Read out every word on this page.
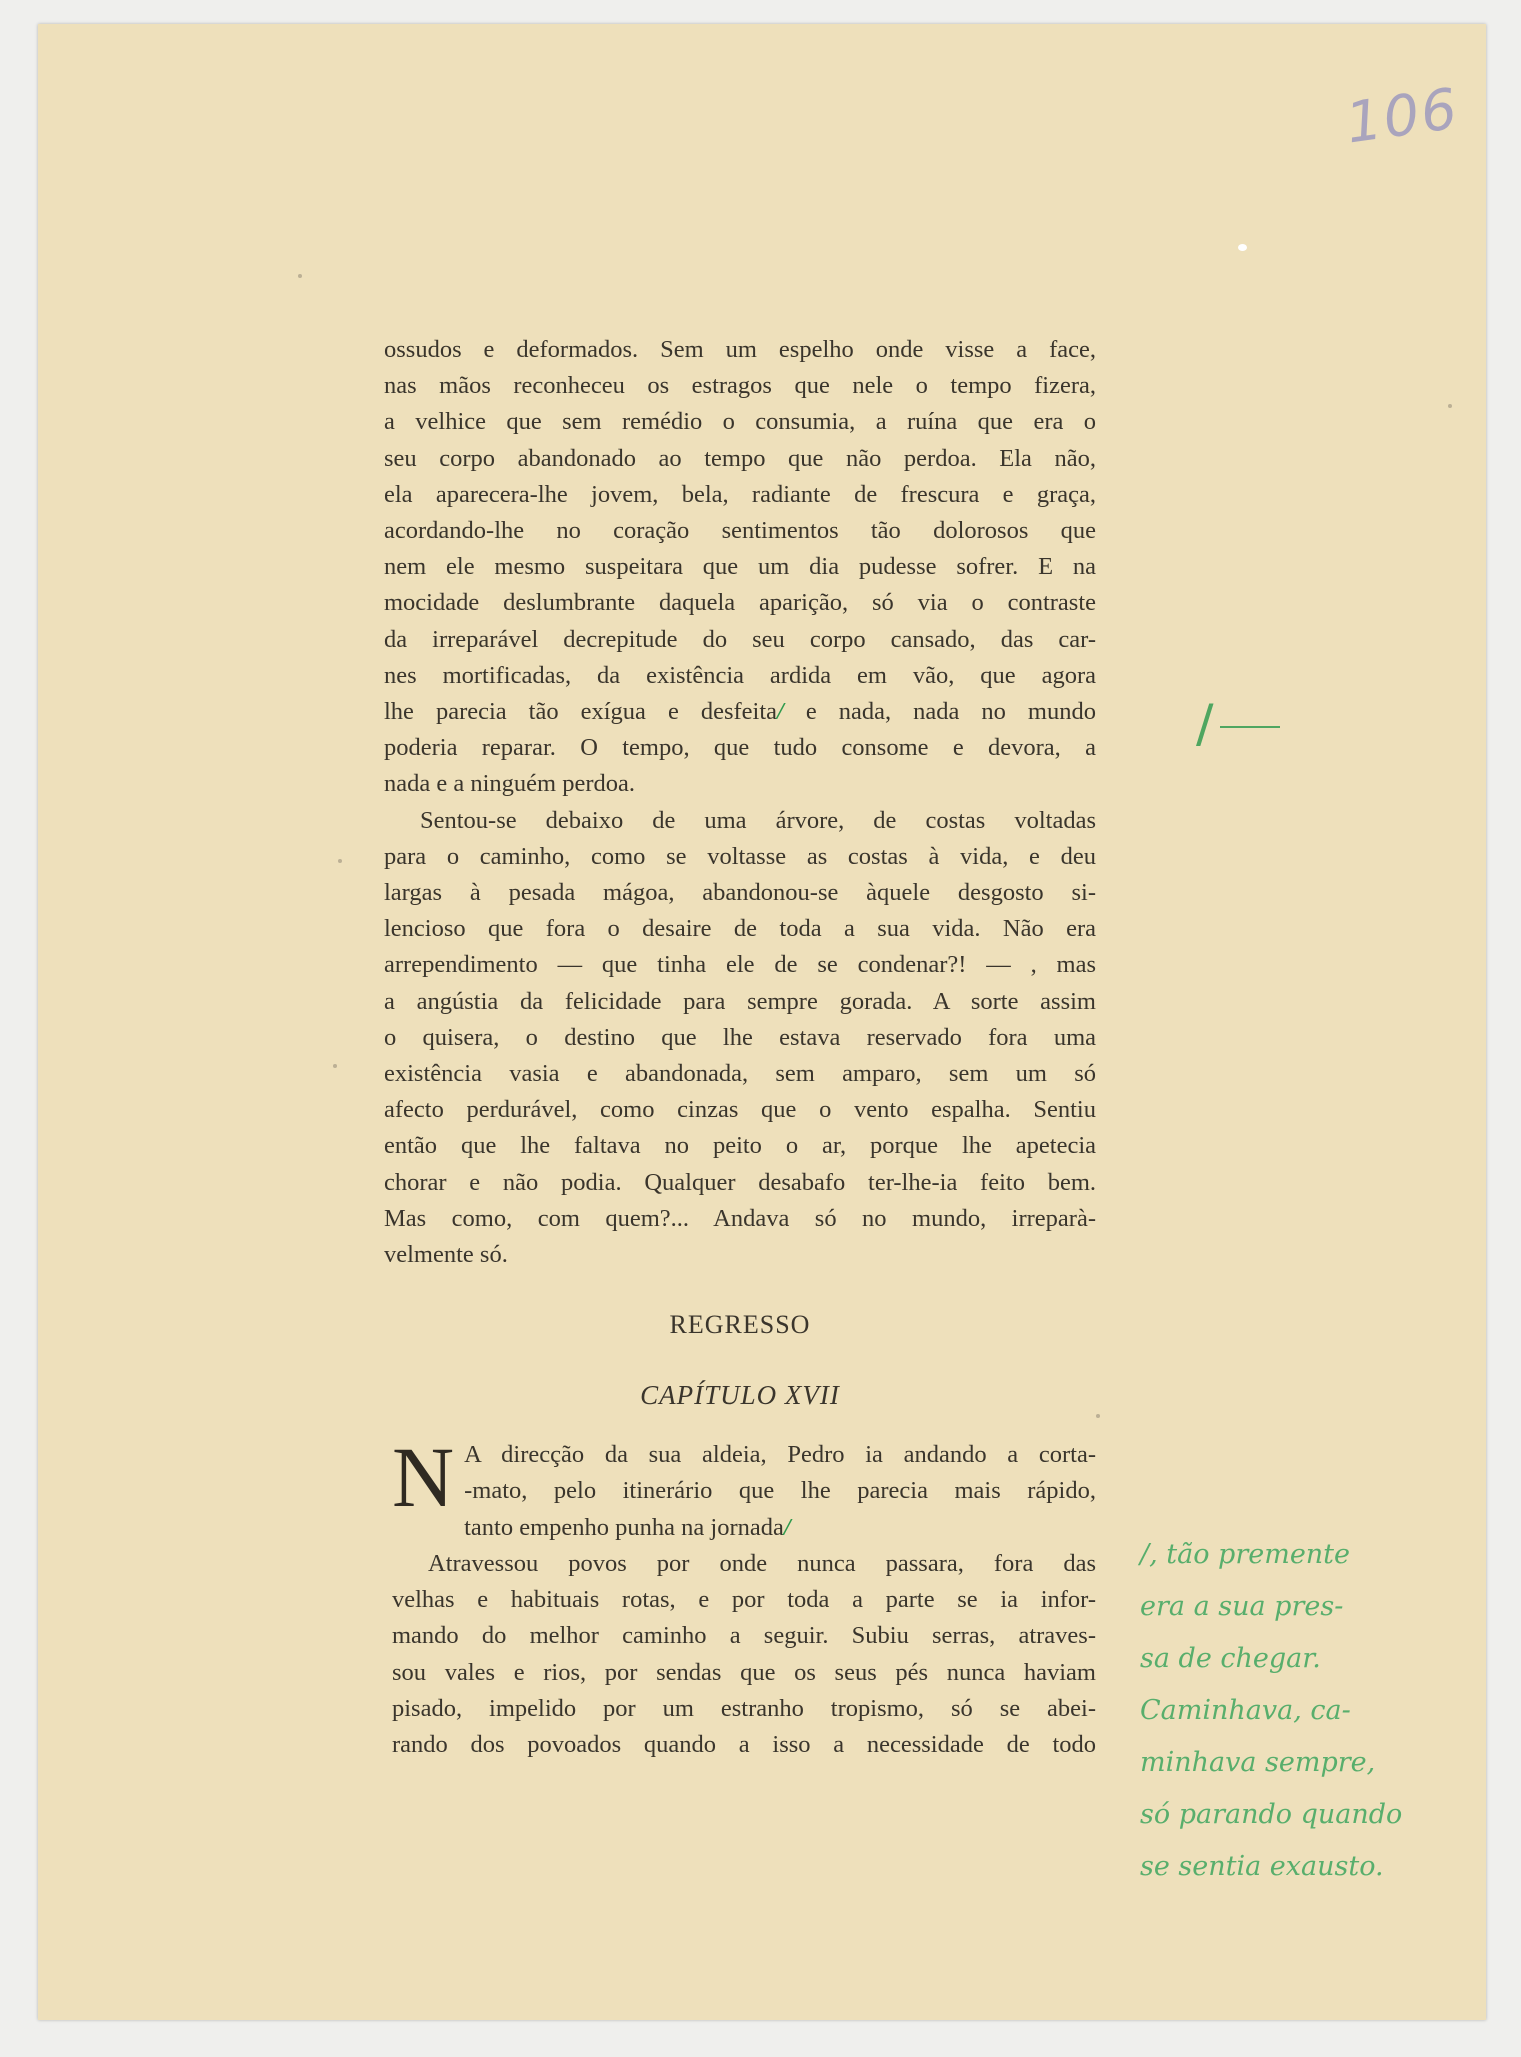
106

ossudos e deformados. Sem um espelho onde visse a face,
nas mãos reconheceu os estragos que nele o tempo fizera,
a velhice que sem remédio o consumia, a ruína que era o
seu corpo abandonado ao tempo que não perdoa. Ela não,
ela aparecera-lhe jovem, bela, radiante de frescura e graça,
acordando-lhe no coração sentimentos tão dolorosos que
nem ele mesmo suspeitara que um dia pudesse sofrer. E na
mocidade deslumbrante daquela aparição, só via o contraste
da irreparável decrepitude do seu corpo cansado, das car-
nes mortificadas, da existência ardida em vão, que agora
lhe parecia tão exígua e desfeita/ e nada, nada no mundo
poderia reparar. O tempo, que tudo consome e devora, a
nada e a ninguém perdoa.

Sentou-se debaixo de uma árvore, de costas voltadas
para o caminho, como se voltasse as costas à vida, e deu
largas à pesada mágoa, abandonou-se àquele desgosto si-
lencioso que fora o desaire de toda a sua vida. Não era
arrependimento — que tinha ele de se condenar?! — , mas
a angústia da felicidade para sempre gorada. A sorte assim
o quisera, o destino que lhe estava reservado fora uma
existência vasia e abandonada, sem amparo, sem um só
afecto perdurável, como cinzas que o vento espalha. Sentiu
então que lhe faltava no peito o ar, porque lhe apetecia
chorar e não podia. Qualquer desabafo ter-lhe-ia feito bem.
Mas como, com quem?... Andava só no mundo, irreparà-
velmente só.

REGRESSO
CAPÍTULO XVII
N A direcção da sua aldeia, Pedro ia andando a corta-
-mato, pelo itinerário que lhe parecia mais rápido,
tanto empenho punha na jornada/

Atravessou povos por onde nunca passara, fora das
velhas e habituais rotas, e por toda a parte se ia infor-
mando do melhor caminho a seguir. Subiu serras, atraves-
sou vales e rios, por sendas que os seus pés nunca haviam
pisado, impelido por um estranho tropismo, só se abei-
rando dos povoados quando a isso a necessidade de todo

/
/, tão premente
era a sua pres-
sa de chegar.
Caminhava, ca-
minhava sempre,
só parando quando
se sentia exausto.
